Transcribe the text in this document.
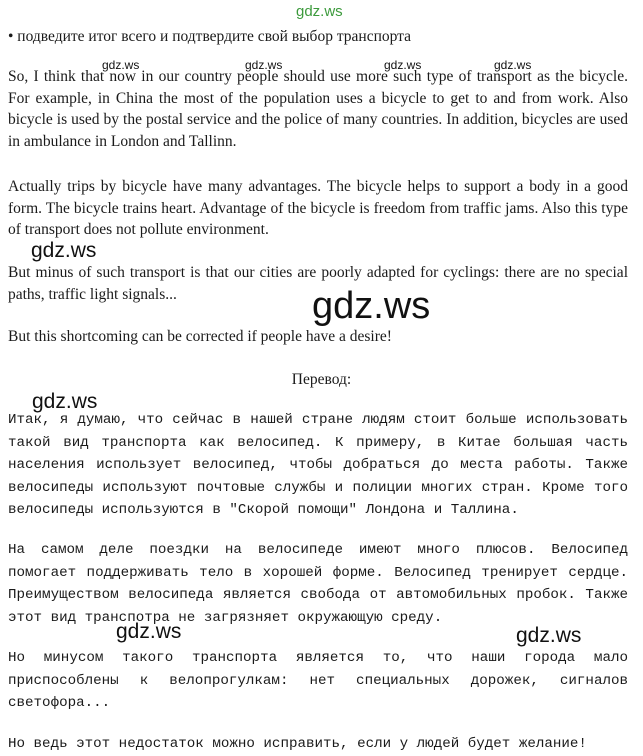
• подведите итог всего и подтвердите свой выбор транспорта

So, I think that now in our country people should use more such type of transport as the bicycle. For example, in China the most of the population uses a bicycle to get to and from work. Also bicycle is used by the postal service and the police of many countries. In addition, bicycles are used in ambulance in London and Tallinn.

Actually trips by bicycle have many advantages. The bicycle helps to support a body in a good form. The bicycle trains heart. Advantage of the bicycle is freedom from traffic jams. Also this type of transport does not pollute environment.

But minus of such transport is that our cities are poorly adapted for cyclings: there are no special paths, traffic light signals...

But this shortcoming can be corrected if people have a desire!

Перевод:

Итак, я думаю, что сейчас в нашей стране людям стоит больше использовать такой вид транспорта как велосипед. К примеру, в Китае большая часть населения использует велосипед, чтобы добраться до места работы. Также велосипеды используют почтовые службы и полиции многих стран. Кроме того велосипеды используются в "Скорой помощи" Лондона и Таллина.

На самом деле поездки на велосипеде имеют много плюсов. Велосипед помогает поддерживать тело в хорошей форме. Велосипед тренирует сердце. Преимуществом велосипеда является свобода от автомобильных пробок. Также этот вид транспотра не загрязняет окружающую среду.

Но минусом такого транспорта является то, что наши города мало приспособлены к велопрогулкам: нет специальных дорожек, сигналов светофора...

Но ведь этот недостаток можно исправить, если у людей будет желание!

gdz.ws
gdz.ws	gdz.ws	gdz.ws	gdz.ws
gdz.ws
gdz.ws
gdz.ws
gdz.ws	gdz.ws
